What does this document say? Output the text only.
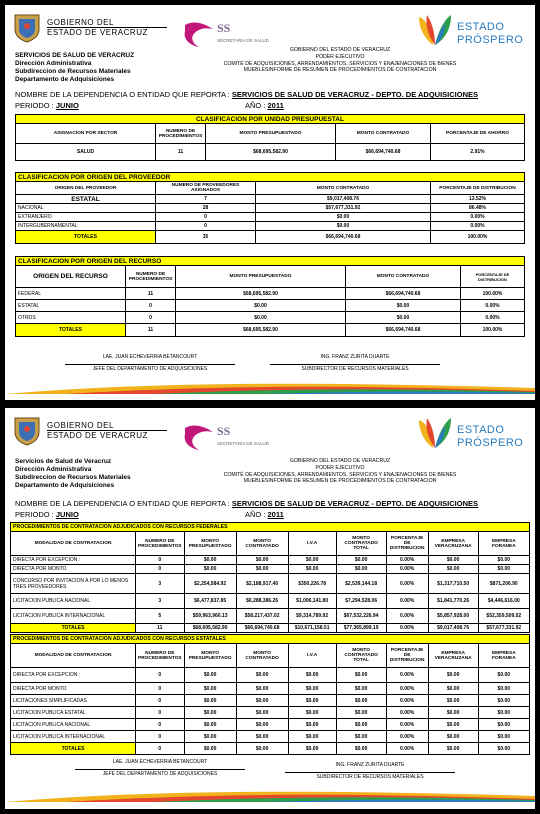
GOBIERNO DEL
ESTADO DE VERACRUZ	SS
SECRETARÍA DE SALUD
ESTADO
PRÓSPERO
SERVICIOS DE SALUD DE VERACRUZ
Dirección Administrativa
Subdireccion de Recursos Materiales
Departamento de Adquisiciones
GOBIERNO DEL ESTADO DE VERACRUZ
PODER EJECUTIVO
COMITÉ DE ADQUISICIONES, ARRENDAMIENTOS, SERVICIOS Y ENAJENACIONES DE BIENES
MUEBLESINFORME DE RESUMEN DE PROCEDIMIENTOS DE CONTRATACION
NOMBRE DE LA DEPENDENCIA O ENTIDAD QUE REPORTA : SERVICIOS DE SALUD DE VERACRUZ - DEPTO. DE ADQUISICIONES
PERIODO : JUNIO	AÑO : 2011
CLASIFICACION POR UNIDAD PRESUPUESTAL				
ASIGNACION POR SECTOR	NUMERO DE PROCEDIMIENTOS	MONTO PRESUPUESTADO	MONTO CONTRATADO	PORCENTAJE DE AHORRO
SALUD	11	$68,695,582.90	$66,694,740.68	2.91%
CLASIFICACION POR ORIGEN DEL PROVEEDOR			
ORIGEN DEL PROVEEDOR	NUMERO DE PROVEEDORES ASIGNADOS	MONTO CONTRATADO	PORCENTAJE DE DISTRIBUCION
ESTATAL	7	$9,017,408.76	13.52%
NACIONAL	28	$57,677,331.92	86.48%
EXTRANJERO	0	$0.00	0.00%
INTERGUBERNAMENTAL	0	$0.00	0.00%
TOTALES	35	$66,694,740.68	100.00%
CLASIFICACION POR ORIGEN DEL RECURSO				
ORIGEN DEL RECURSO	NUMERO DE PROCEDIMIENTOS	MONTO PRESUPUESTADO	MONTO CONTRATADO	PORCENTAJE DE DISTRIBUCION
FEDERAL	11	$68,695,582.90	$66,694,740.68	100.00%
ESTATAL	0	$0.00	$0.00	0.00%
OTROS	0	$0.00	$0.00	0.00%
TOTALES	11	$68,695,582.90	$66,694,740.68	100.00%
LAE. JUAN ECHEVERRIA BETANCOURT
JEFE DEL DEPARTAMENTO DE ADQUISICIONES
ING. FRANZ ZURITA DUARTE
SUBDIRECTOR DE RECURSOS MATERIALES
GOBIERNO DEL
ESTADO DE VERACRUZ	SS
SECRETARÍA DE SALUD
ESTADO
PRÓSPERO
Servicios de Salud de Veracruz
Dirección Administrativa
Subdireccion de Recursos Materiales
Departamento de Adquisiciones
GOBIERNO DEL ESTADO DE VERACRUZ
PODER EJECUTIVO
COMITÉ DE ADQUISICIONES, ARRENDAMIENTOS, SERVICIOS Y ENAJENACIONES DE BIENES
MUEBLESINFORME DE RESUMEN DE PROCEDIMIENTOS DE CONTRATACION
NOMBRE DE LA DEPENDENCIA O ENTIDAD QUE REPORTA : SERVICIOS DE SALUD DE VERACRUZ - DEPTO. DE ADQUISICIONES
PERIODO : JUNIO	AÑO : 2011
PROCEDIMIENTOS DE CONTRATACION ADJUDICADOS CON RECURSOS FEDERALES								
MODALIDAD DE CONTRATACION	NUMERO DE PROCEDIMIENTOS	MONTO PRESUPUESTADO	MONTO CONTRATADO	I.V.A	MONTO CONTRATADO TOTAL	PORCENTAJE DE DISTRIBUCION	EMPRESA VERACRUZANA	EMPRESA FORANEA
DIRECTA POR EXCEPCION :	0	$0.00	$0.00	$0.00	$0.00	0.00%	$0.00	$0.00
DIRECTA POR MONTO	0	$0.00	$0.00	$0.00	$0.00	0.00%	$0.00	$0.00
CONCURSO POR INVITACION A POR LO MENOS TRES PROVEEDORES	3	$2,254,584.92	$2,188,917.40	$350,226.78	$2,539,144.18	0.00%	$1,317,710.50	$871,206.90
LICITACION PUBLICA NACIONAL	3	$6,477,837.85	$6,288,386.26	$1,006,141.80	$7,294,528.06	0.00%	$1,841,770.26	$4,446,616.00
LICITACION PUBLICA INTERNACIONAL	5	$59,963,960.13	$58,217,437.02	$9,314,789.92	$67,532,226.94	0.00%	$5,857,928.00	$52,359,509.02
TOTALES	11	$68,695,582.90	$66,694,740.68	$10,671,158.51	$77,365,899.19	0.00%	$9,017,408.76	$57,677,331.92
PROCEDIMIENTOS DE CONTRATACION ADJUDICADOS CON RECURSOS ESTATALES								
MODALIDAD DE CONTRATACION	NUMERO DE PROCEDIMIENTOS	MONTO PRESUPUESTADO	MONTO CONTRATADO	I.V.A	MONTO CONTRATADO TOTAL	PORCENTAJE DE DISTRIBUCION	EMPRESA VERACRUZANA	EMPRESA FORANEA
DIRECTA POR EXCEPCION :	0	$0.00	$0.00	$0.00	$0.00	0.00%	$0.00	$0.00
DIRECTA POR MONTO	0	$0.00	$0.00	$0.00	$0.00	0.00%	$0.00	$0.00
LICITACIONES SIMPLIFICADAS	0	$0.00	$0.00	$0.00	$0.00	0.00%	$0.00	$0.00
LICITACION PUBLICA ESTATAL	0	$0.00	$0.00	$0.00	$0.00	0.00%	$0.00	$0.00
LICITACION PUBLICA NACIONAL	0	$0.00	$0.00	$0.00	$0.00	0.00%	$0.00	$0.00
LICITACION PUBLICA INTERNACIONAL	0	$0.00	$0.00	$0.00	$0.00	0.00%	$0.00	$0.00
TOTALES	0	$0.00	$0.00	$0.00	$0.00	0.00%	$0.00	$0.00
LAE. JUAN ECHEVERRIA BETANCOURT
JEFE DEL DEPARTAMENTO DE ADQUISICIONES
ING. FRANZ ZURITA DUARTE
SUBDIRECTOR DE RECURSOS MATERIALES
